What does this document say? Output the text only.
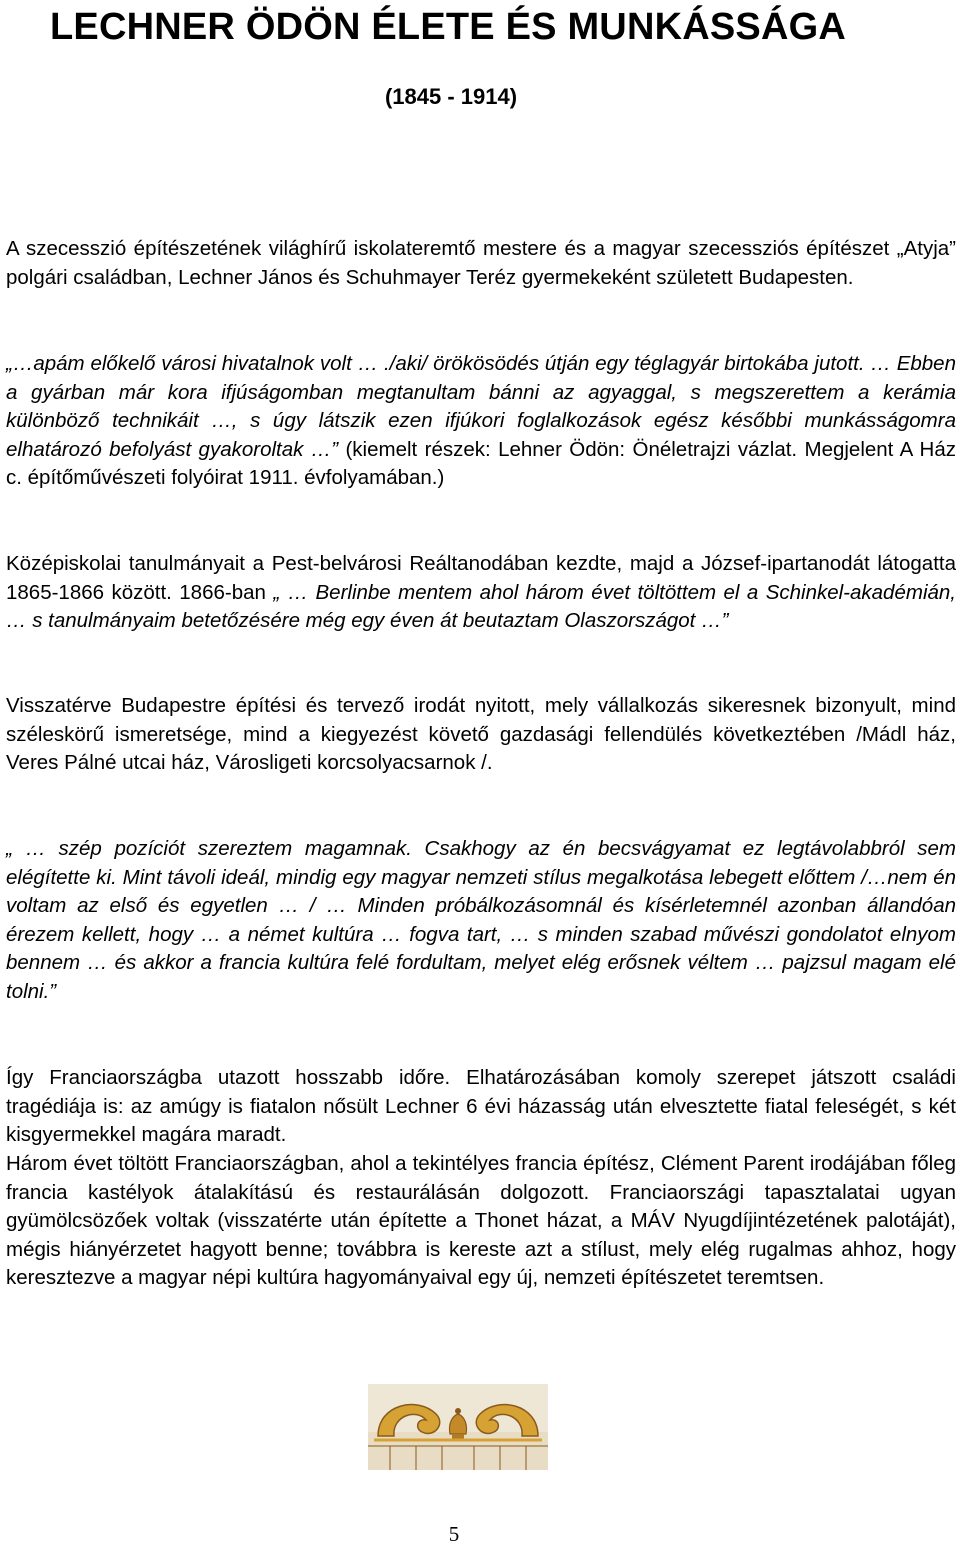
LECHNER ÖDÖN ÉLETE ÉS MUNKÁSSÁGA
(1845 - 1914)

A szecesszió építészetének világhírű iskolateremtő mestere és a magyar szecessziós építészet „Atyja” polgári családban, Lechner János és Schuhmayer Teréz gyermekeként született Budapesten.

„…apám előkelő városi hivatalnok volt … ./aki/ örökösödés útján egy téglagyár birtokába jutott. … Ebben a gyárban már kora ifjúságomban megtanultam bánni az agyaggal, s megszerettem a kerámia különböző technikáit …, s úgy látszik ezen ifjúkori foglalkozások egész későbbi munkásságomra elhatározó befolyást gyakoroltak …” (kiemelt részek: Lehner Ödön: Önéletrajzi vázlat. Megjelent A Ház c. építőművészeti folyóirat 1911. évfolyamában.)

Középiskolai tanulmányait a Pest-belvárosi Reáltanodában kezdte, majd a József-ipartanodát látogatta 1865-1866 között. 1866-ban „ … Berlinbe mentem ahol három évet töltöttem el a Schinkel-akadémián, … s tanulmányaim betetőzésére még egy éven át beutaztam Olaszországot …”

Visszatérve Budapestre építési és tervező irodát nyitott, mely vállalkozás sikeresnek bizonyult, mind széleskörű ismeretsége, mind a kiegyezést követő gazdasági fellendülés következtében /Mádl ház, Veres Pálné utcai ház, Városligeti korcsolyacsarnok /.

„ … szép pozíciót szereztem magamnak. Csakhogy az én becsvágyamat ez legtávolabbról sem elégítette ki. Mint távoli ideál, mindig egy magyar nemzeti stílus megalkotása lebegett előttem /…nem én voltam az első és egyetlen … / … Minden próbálkozásomnál és kísérletemnél azonban állandóan érezem kellett, hogy … a német kultúra … fogva tart, … s minden szabad művészi gondolatot elnyom bennem … és akkor a francia kultúra felé fordultam, melyet elég erősnek véltem … pajzsul magam elé tolni.”

Így Franciaországba utazott hosszabb időre. Elhatározásában komoly szerepet játszott családi tragédiája is: az amúgy is fiatalon nősült Lechner 6 évi házasság után elvesztette fiatal feleségét, s két kisgyermekkel magára maradt.

Három évet töltött Franciaországban, ahol a tekintélyes francia építész, Clément Parent irodájában főleg francia kastélyok átalakítású és restaurálásán dolgozott. Franciaországi tapasztalatai ugyan gyümölcsözőek voltak (visszatérte után építette a Thonet házat, a MÁV Nyugdíjintézetének palotáját), mégis hiányérzetet hagyott benne; továbbra is kereste azt a stílust, mely elég rugalmas ahhoz, hogy keresztezve a magyar népi kultúra hagyományaival egy új, nemzeti építészetet teremtsen.

5
